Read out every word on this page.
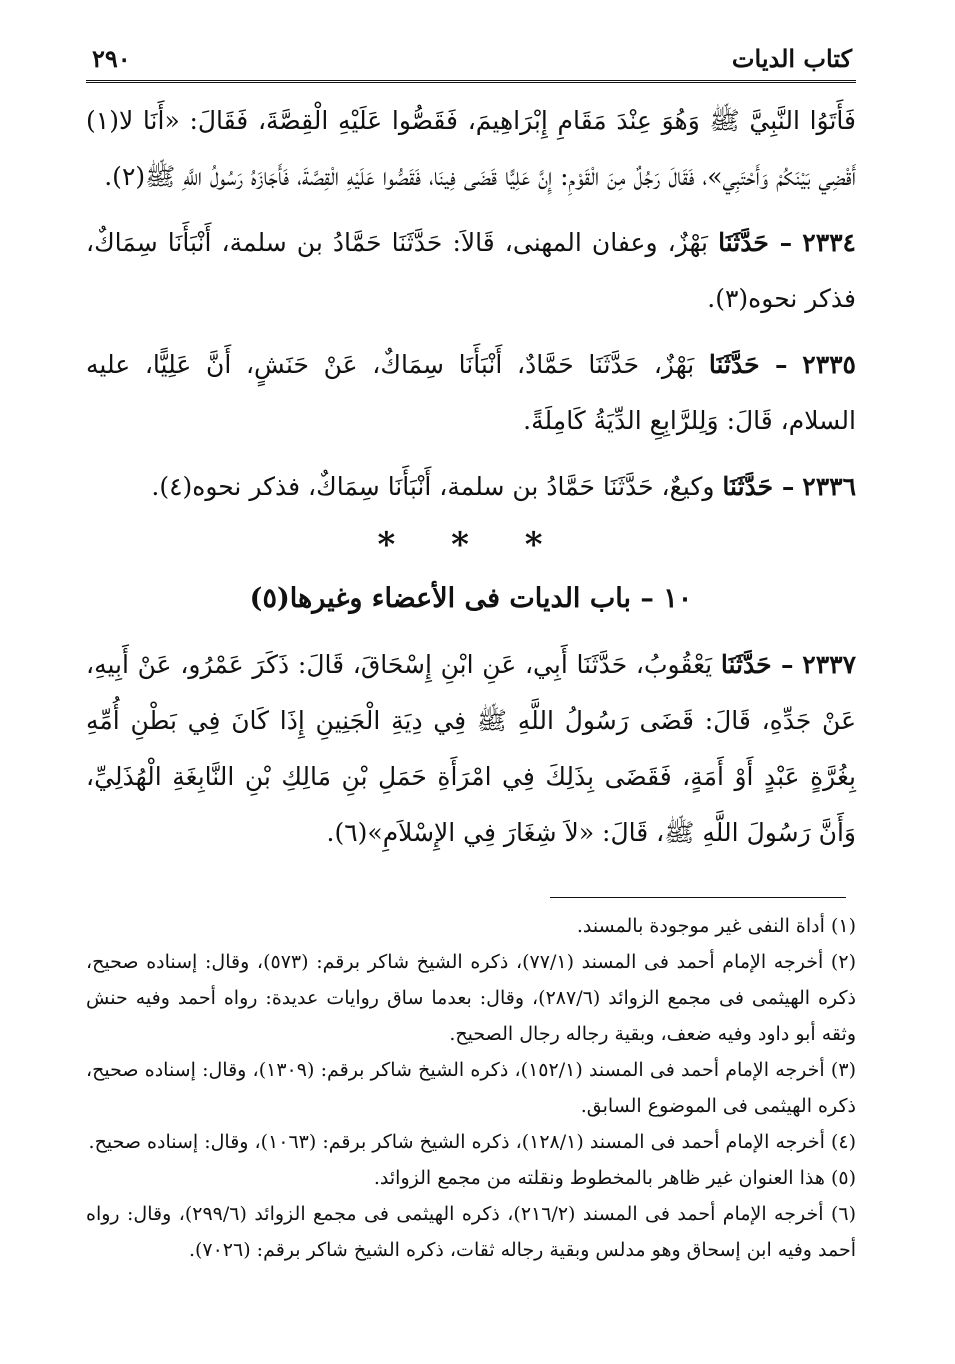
كتاب الديات
٢٩٠

فَأَتَوُا النَّبِيَّ ﷺ وَهُوَ عِنْدَ مَقَامِ إِبْرَاهِيمَ، فَقَصُّوا عَلَيْهِ الْقِصَّةَ، فَقَالَ: «أَنَا لا(١) أَقْضِي بَيْنَكُمْ وَأَحْتَبِي»، فَقَالَ رَجُلٌ مِنَ الْقَوْمِ: إِنَّ عَلِيًّا قَضَى فِينَا، فَقَصُّوا عَلَيْهِ الْقِصَّةَ، فَأَجَازَهُ رَسُولُ اللَّهِ ﷺ(٢).

٢٣٣٤ – حَدَّثَنَا بَهْزٌ، وعفان المهنى، قَالاَ: حَدَّثَنَا حَمَّادُ بن سلمة، أَنْبَأَنَا سِمَاكٌ، فذكر نحوه(٣).

٢٣٣٥ – حَدَّثَنَا بَهْزٌ، حَدَّثَنَا حَمَّادٌ، أَنْبَأَنَا سِمَاكٌ، عَنْ حَنَشٍ، أَنَّ عَلِيًّا، عليه السلام، قَالَ: وَلِلرَّابِعِ الدِّيَةُ كَامِلَةً.

٢٣٣٦ – حَدَّثَنَا وكيعٌ، حَدَّثَنَا حَمَّادُ بن سلمة، أَنْبَأَنَا سِمَاكٌ، فذكر نحوه(٤).

* * *
١٠ – باب الديات فى الأعضاء وغيرها(٥)

٢٣٣٧ – حَدَّثَنَا يَعْقُوبُ، حَدَّثَنَا أَبِي، عَنِ ابْنِ إِسْحَاقَ، قَالَ: ذَكَرَ عَمْرُو، عَنْ أَبِيهِ، عَنْ جَدِّهِ، قَالَ: قَضَى رَسُولُ اللَّهِ ﷺ فِي دِيَةِ الْجَنِينِ إِذَا كَانَ فِي بَطْنِ أُمِّهِ بِغُرَّةٍ عَبْدٍ أَوْ أَمَةٍ، فَقَضَى بِذَلِكَ فِي امْرَأَةِ حَمَلِ بْنِ مَالِكِ بْنِ النَّابِغَةِ الْهُذَلِيِّ، وَأَنَّ رَسُولَ اللَّهِ ﷺ، قَالَ: «لاَ شِغَارَ فِي الإِسْلاَمِ»(٦).

(١) أداة النفى غير موجودة بالمسند.

(٢) أخرجه الإمام أحمد فى المسند (٧٧/١)، ذكره الشيخ شاكر برقم: (٥٧٣)، وقال: إسناده صحيح، ذكره الهيثمى فى مجمع الزوائد (٢٨٧/٦)، وقال: بعدما ساق روايات عديدة: رواه أحمد وفيه حنش وثقه أبو داود وفيه ضعف، وبقية رجاله رجال الصحيح.

(٣) أخرجه الإمام أحمد فى المسند (١٥٢/١)، ذكره الشيخ شاكر برقم: (١٣٠٩)، وقال: إسناده صحيح، ذكره الهيثمى فى الموضوع السابق.

(٤) أخرجه الإمام أحمد فى المسند (١٢٨/١)، ذكره الشيخ شاكر برقم: (١٠٦٣)، وقال: إسناده صحيح.

(٥) هذا العنوان غير ظاهر بالمخطوط ونقلته من مجمع الزوائد.

(٦) أخرجه الإمام أحمد فى المسند (٢١٦/٢)، ذكره الهيثمى فى مجمع الزوائد (٢٩٩/٦)، وقال: رواه أحمد وفيه ابن إسحاق وهو مدلس وبقية رجاله ثقات، ذكره الشيخ شاكر برقم: (٧٠٢٦).
